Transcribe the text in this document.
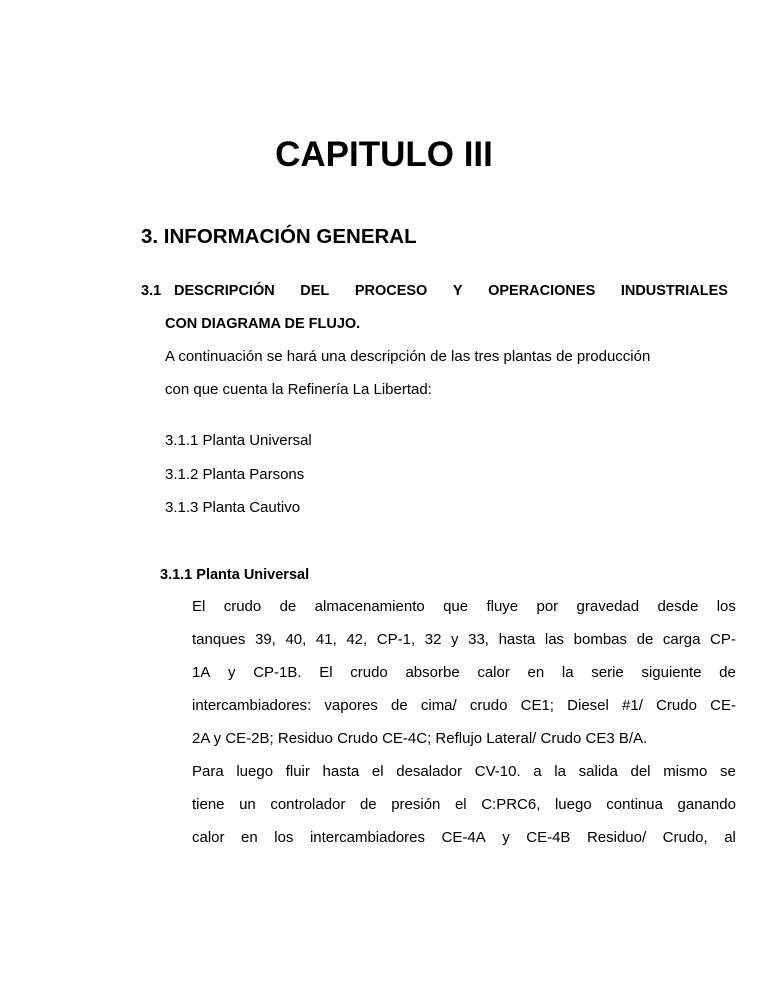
CAPITULO III
3. INFORMACIÓN GENERAL
3.1 DESCRIPCIÓN DEL PROCESO Y OPERACIONES INDUSTRIALES
CON DIAGRAMA DE FLUJO.
A continuación se hará una descripción de las tres plantas de producción
con que cuenta la Refinería La Libertad:
3.1.1 Planta Universal
3.1.2 Planta Parsons
3.1.3 Planta Cautivo
3.1.1 Planta Universal
El crudo de almacenamiento que fluye por gravedad desde los
tanques 39, 40, 41, 42, CP-1, 32 y 33, hasta las bombas de carga CP-
1A y CP-1B. El crudo absorbe calor en la serie siguiente de
intercambiadores: vapores de cima/ crudo CE1; Diesel #1/ Crudo CE-
2A y CE-2B; Residuo Crudo CE-4C; Reflujo Lateral/ Crudo CE3 B/A.
Para luego fluir hasta el desalador CV-10. a la salida del mismo se
tiene un controlador de presión el C:PRC6, luego continua ganando
calor en los intercambiadores CE-4A y CE-4B Residuo/ Crudo, al
